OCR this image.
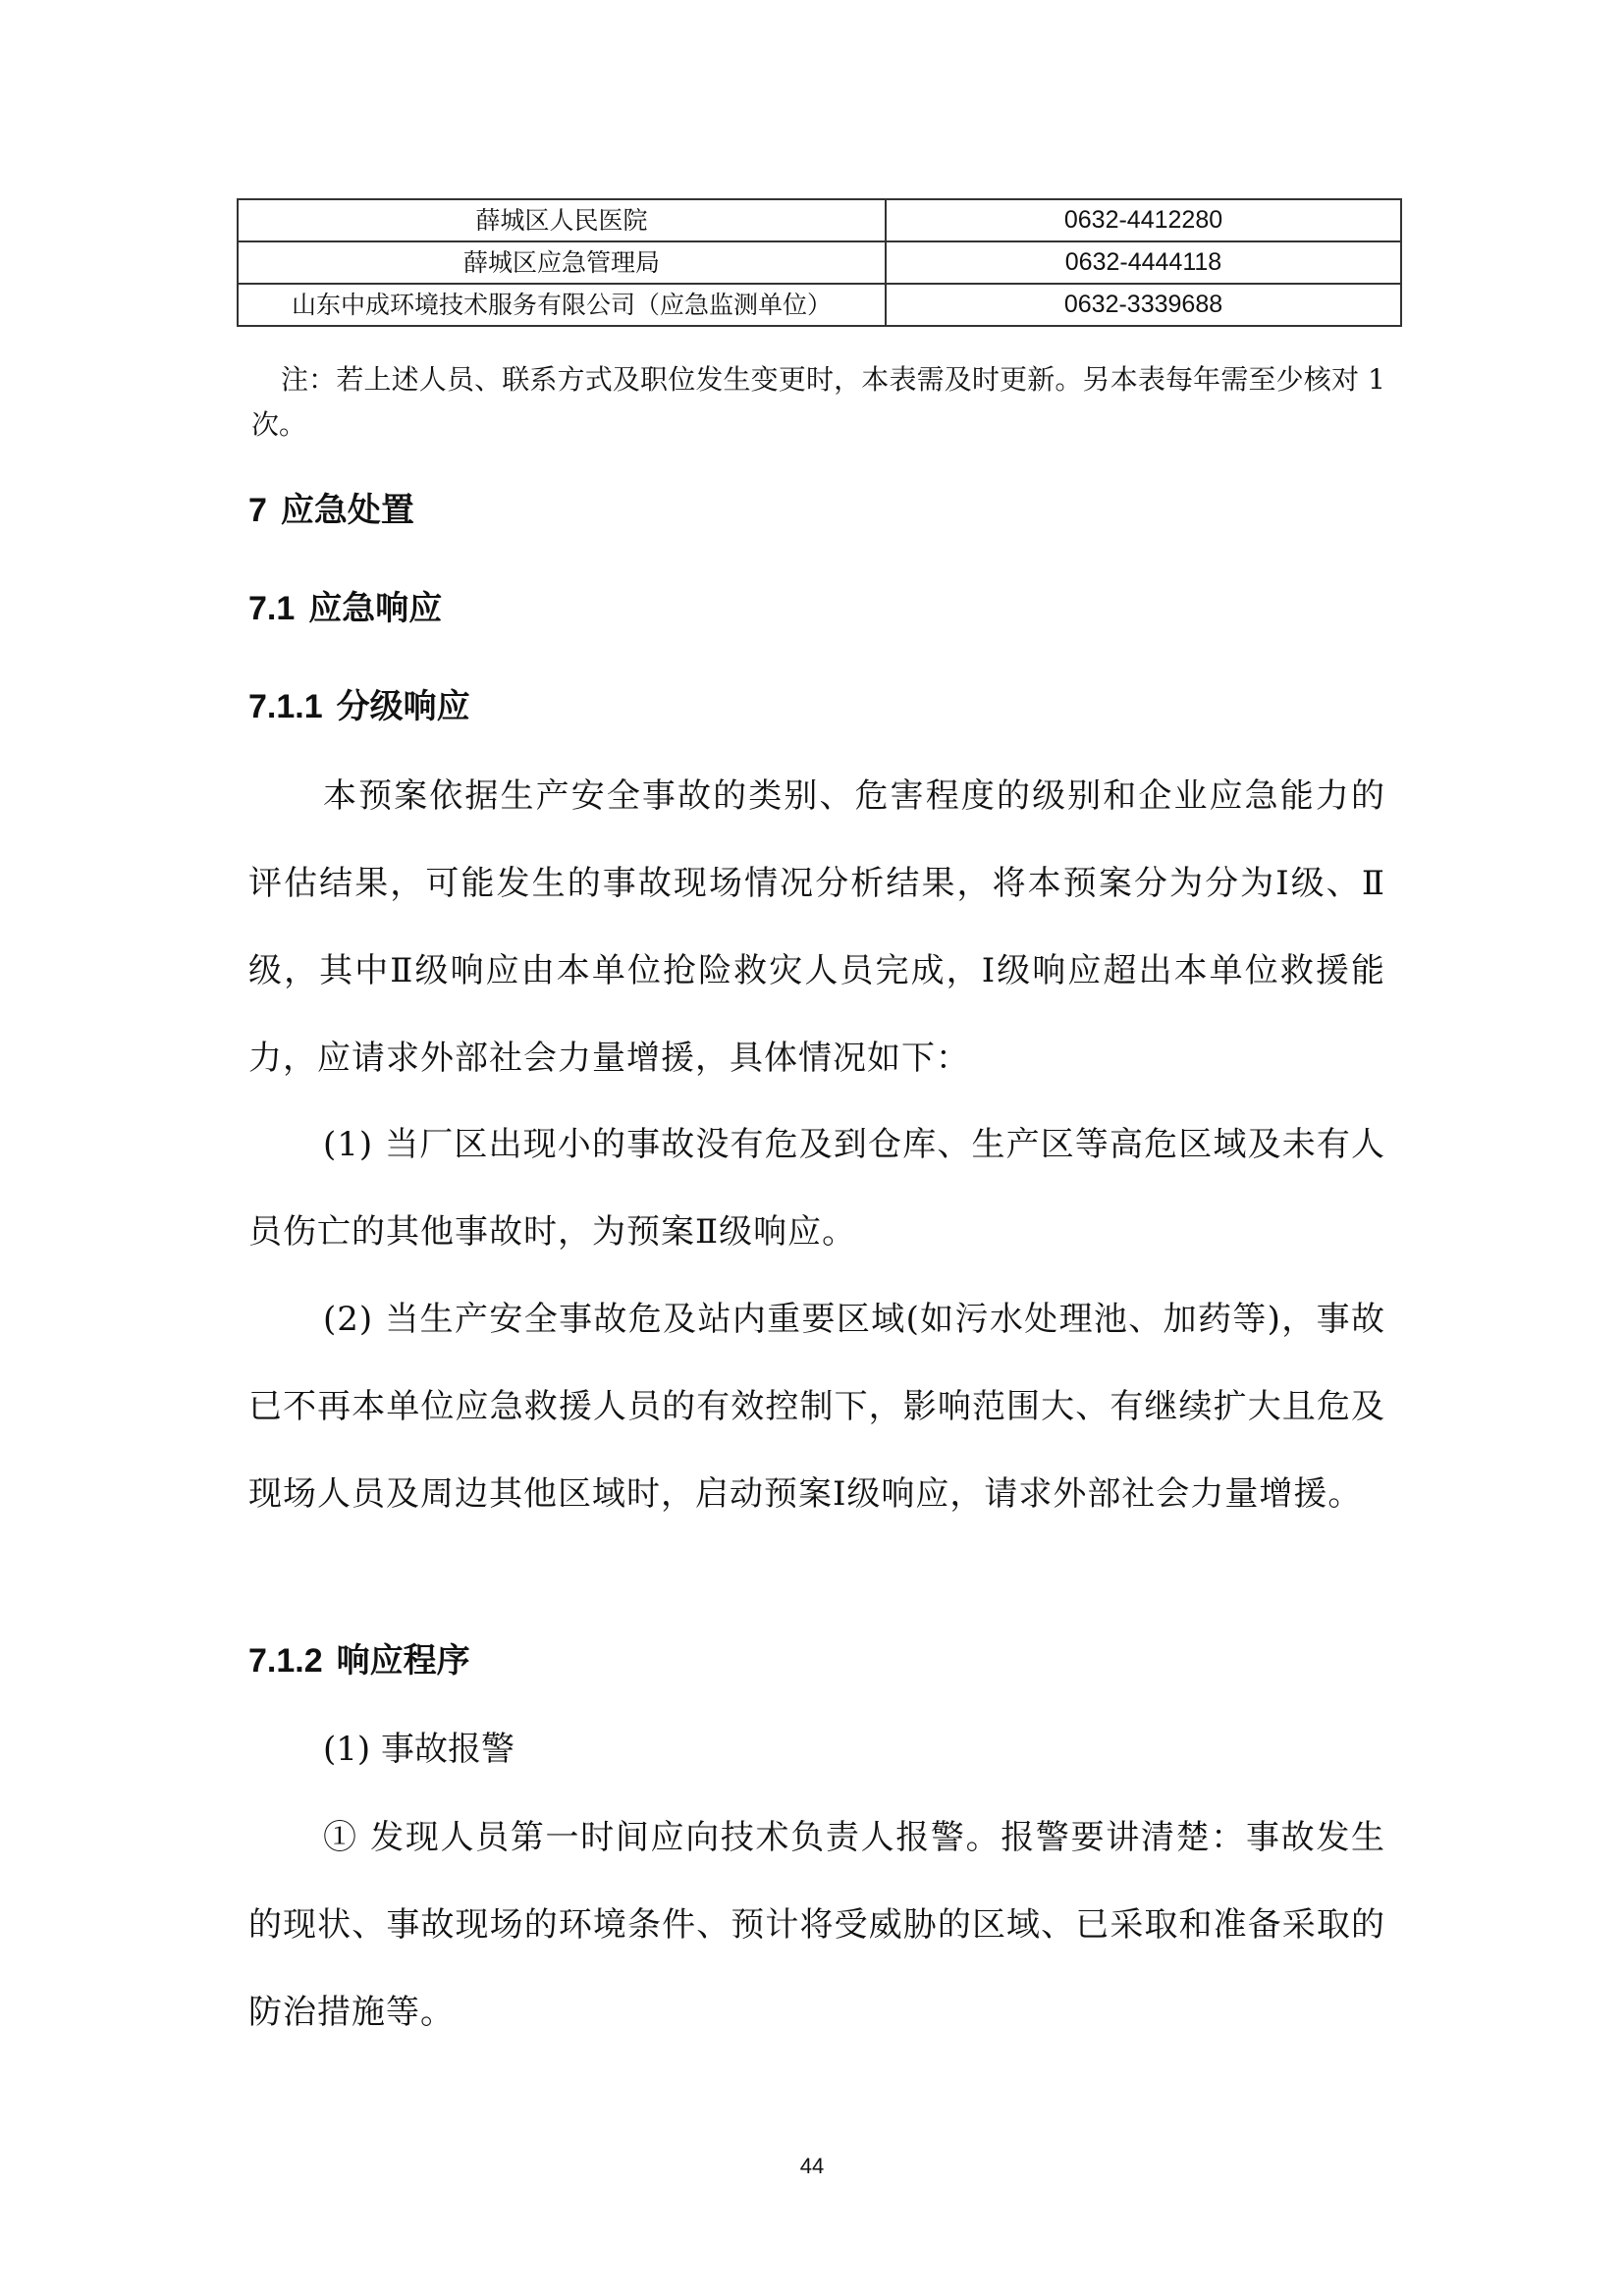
薛城区人民医院	0632-4412280
薛城区应急管理局	0632-4444118
山东中成环境技术服务有限公司（应急监测单位）	0632-3339688

注：若上述人员、联系方式及职位发生变更时，本表需及时更新。另本表每年需至少核对 1 次。

7 应急处置
7.1 应急响应
7.1.1 分级响应

本预案依据生产安全事故的类别、危害程度的级别和企业应急能力的评估结果，可能发生的事故现场情况分析结果，将本预案分为分为Ⅰ级、Ⅱ级，其中Ⅱ级响应由本单位抢险救灾人员完成，Ⅰ级响应超出本单位救援能力，应请求外部社会力量增援，具体情况如下：

(1) 当厂区出现小的事故没有危及到仓库、生产区等高危区域及未有人员伤亡的其他事故时，为预案Ⅱ级响应。

(2) 当生产安全事故危及站内重要区域(如污水处理池、加药等)，事故已不再本单位应急救援人员的有效控制下，影响范围大、有继续扩大且危及现场人员及周边其他区域时，启动预案Ⅰ级响应，请求外部社会力量增援。

7.1.2 响应程序

(1) 事故报警

① 发现人员第一时间应向技术负责人报警。报警要讲清楚：事故发生的现状、事故现场的环境条件、预计将受威胁的区域、已采取和准备采取的防治措施等。

44
